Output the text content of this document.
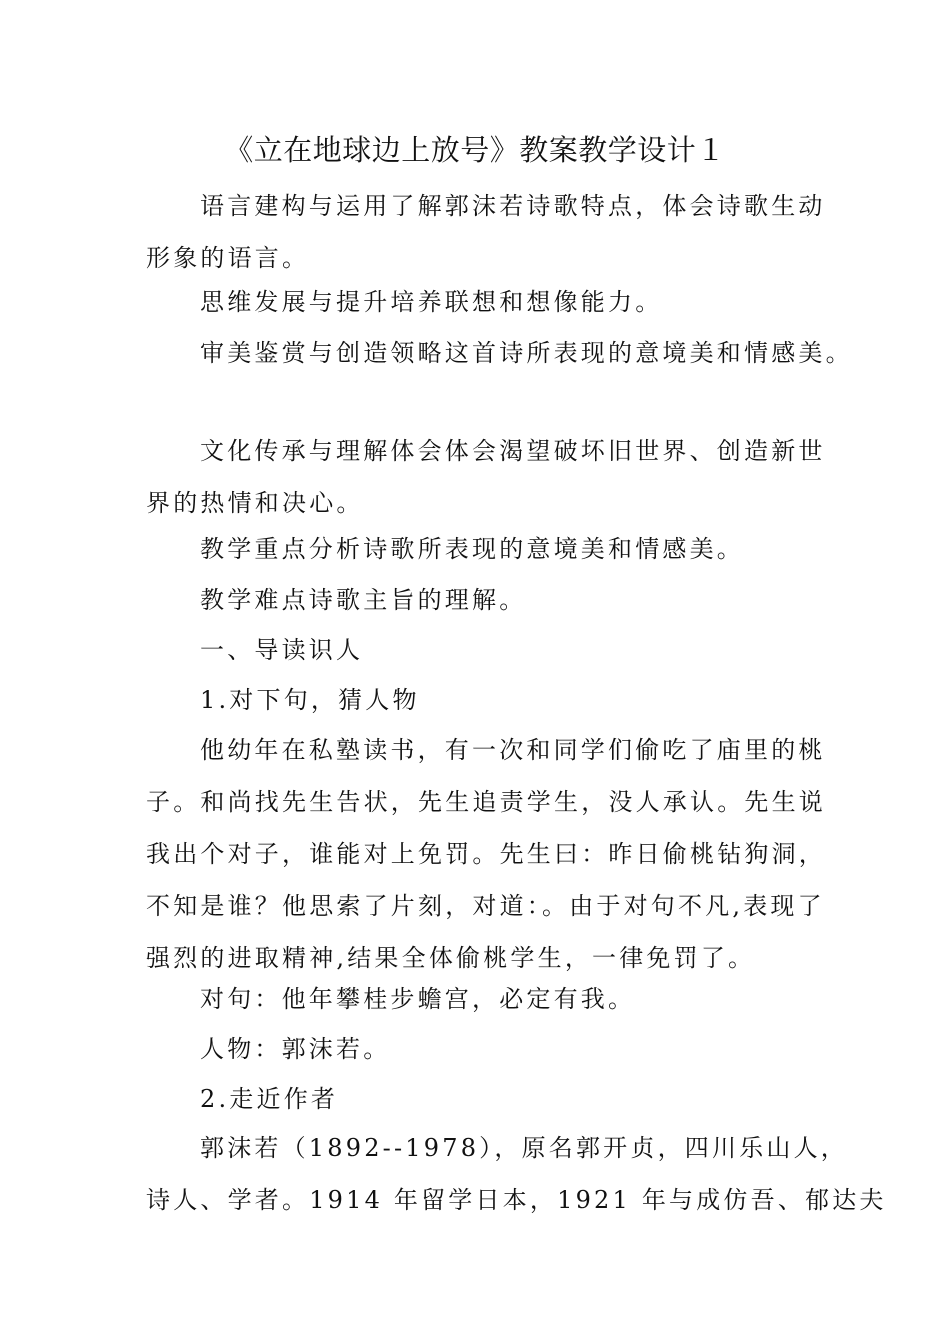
《立在地球边上放号》教案教学设计１
语言建构与运用了解郭沫若诗歌特点，体会诗歌生动
形象的语言。
思维发展与提升培养联想和想像能力。
审美鉴赏与创造领略这首诗所表现的意境美和情感美。
文化传承与理解体会体会渴望破坏旧世界、创造新世
界的热情和决心。
教学重点分析诗歌所表现的意境美和情感美。
教学难点诗歌主旨的理解。
一、导读识人
1.对下句，猜人物
他幼年在私塾读书，有一次和同学们偷吃了庙里的桃
子。和尚找先生告状，先生追责学生，没人承认。先生说
我出个对子，谁能对上免罚。先生曰：昨日偷桃钻狗洞，
不知是谁？他思索了片刻，对道：。由于对句不凡,表现了
强烈的进取精神,结果全体偷桃学生，一律免罚了。
对句：他年攀桂步蟾宫，必定有我。
人物：郭沫若。
2.走近作者
郭沫若（1892--1978），原名郭开贞，四川乐山人，
诗人、学者。1914 年留学日本，1921 年与成仿吾、郁达夫
